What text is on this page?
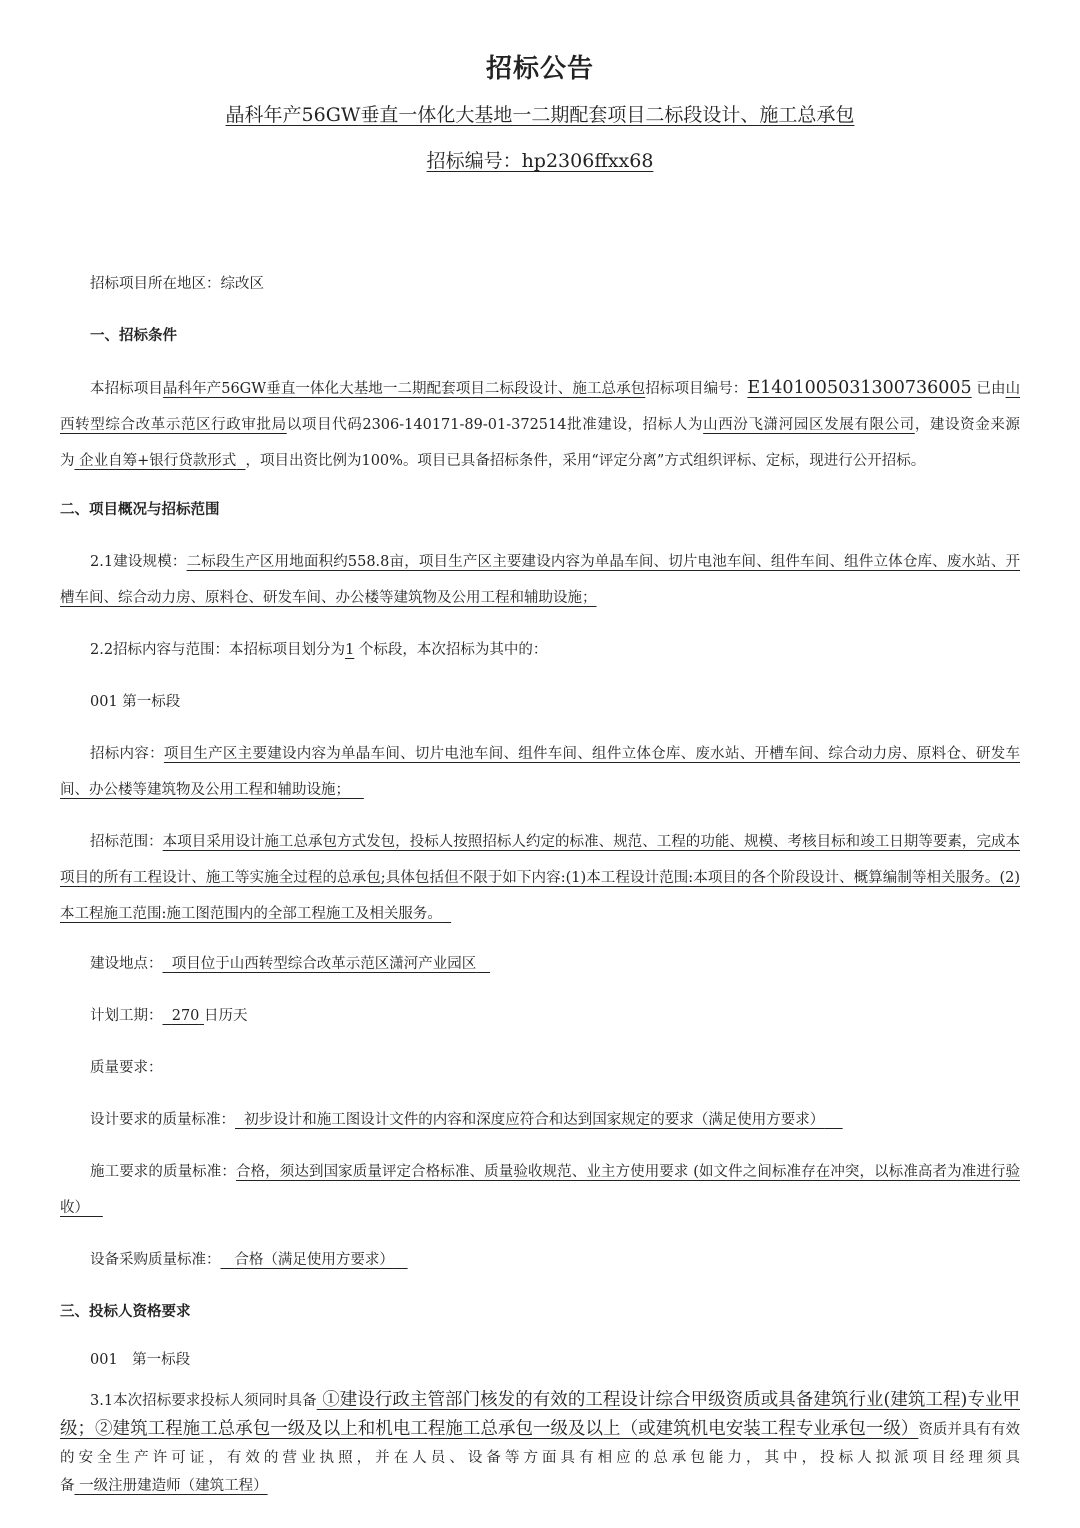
招标公告
晶科年产56GW垂直一体化大基地一二期配套项目二标段设计、施工总承包
招标编号：hp2306ffxx68
招标项目所在地区：综改区
一、招标条件
本招标项目晶科年产56GW垂直一体化大基地一二期配套项目二标段设计、施工总承包招标项目编号：E1401005031300736005 已由山西转型综合改革示范区行政审批局以项目代码2306-140171-89-01-372514批准建设，招标人为山西汾飞潇河园区发展有限公司，建设资金来源为 企业自筹+银行贷款形式 ，项目出资比例为100%。项目已具备招标条件，采用“评定分离”方式组织评标、定标，现进行公开招标。
二、项目概况与招标范围
2.1建设规模：二标段生产区用地面积约558.8亩，项目生产区主要建设内容为单晶车间、切片电池车间、组件车间、组件立体仓库、废水站、开槽车间、综合动力房、原料仓、研发车间、办公楼等建筑物及公用工程和辅助设施；
2.2招标内容与范围：本招标项目划分为1 个标段，本次招标为其中的：
001 第一标段
招标内容：项目生产区主要建设内容为单晶车间、切片电池车间、组件车间、组件立体仓库、废水站、开槽车间、综合动力房、原料仓、研发车间、办公楼等建筑物及公用工程和辅助设施；
招标范围：本项目采用设计施工总承包方式发包，投标人按照招标人约定的标准、规范、工程的功能、规模、考核目标和竣工日期等要素，完成本项目的所有工程设计、施工等实施全过程的总承包;具体包括但不限于如下内容:(1)本工程设计范围:本项目的各个阶段设计、概算编制等相关服务。(2)本工程施工范围:施工图范围内的全部工程施工及相关服务。
建设地点： 项目位于山西转型综合改革示范区潇河产业园区
计划工期： 270 日历天
质量要求：
设计要求的质量标准： 初步设计和施工图设计文件的内容和深度应符合和达到国家规定的要求（满足使用方要求）
施工要求的质量标准：合格，须达到国家质量评定合格标准、质量验收规范、业主方使用要求 (如文件之间标准存在冲突，以标准高者为准进行验收）
设备采购质量标准： 合格（满足使用方要求）
三、投标人资格要求
001　第一标段
3.1本次招标要求投标人须同时具备 ①建设行政主管部门核发的有效的工程设计综合甲级资质或具备建筑行业(建筑工程)专业甲级；②建筑工程施工总承包一级及以上和机电工程施工总承包一级及以上（或建筑机电安装工程专业承包一级）资质并具有有效的安全生产许可证，有效的营业执照，并在人员、设备等方面具有相应的总承包能力，其中，投标人拟派项目经理须具备 一级注册建造师（建筑工程）
